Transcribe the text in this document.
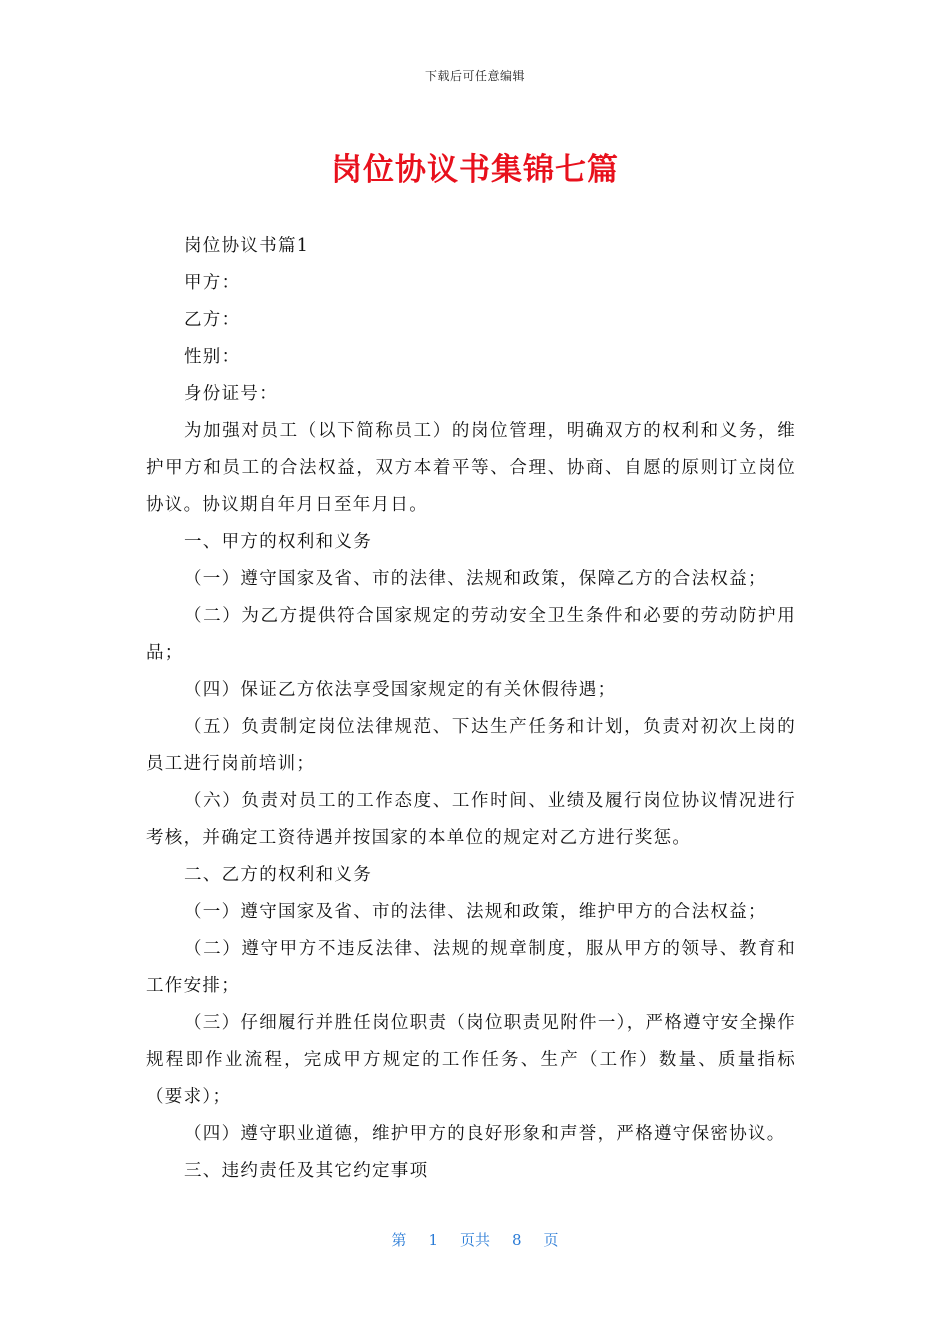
下载后可任意编辑
岗位协议书集锦七篇

岗位协议书篇1

甲方：

乙方：

性别：

身份证号：

为加强对员工（以下简称员工）的岗位管理，明确双方的权利和义务，维护甲方和员工的合法权益，双方本着平等、合理、协商、自愿的原则订立岗位协议。协议期自年月日至年月日。

一、甲方的权利和义务

（一）遵守国家及省、市的法律、法规和政策，保障乙方的合法权益；

（二）为乙方提供符合国家规定的劳动安全卫生条件和必要的劳动防护用品；

（四）保证乙方依法享受国家规定的有关休假待遇；

（五）负责制定岗位法律规范、下达生产任务和计划，负责对初次上岗的员工进行岗前培训；

（六）负责对员工的工作态度、工作时间、业绩及履行岗位协议情况进行考核，并确定工资待遇并按国家的本单位的规定对乙方进行奖惩。

二、乙方的权利和义务

（一）遵守国家及省、市的法律、法规和政策，维护甲方的合法权益；

（二）遵守甲方不违反法律、法规的规章制度，服从甲方的领导、教育和工作安排；

（三）仔细履行并胜任岗位职责（岗位职责见附件一），严格遵守安全操作规程即作业流程，完成甲方规定的工作任务、生产（工作）数量、质量指标（要求）；

（四）遵守职业道德，维护甲方的良好形象和声誉，严格遵守保密协议。

三、违约责任及其它约定事项

第 1 页共 8 页
